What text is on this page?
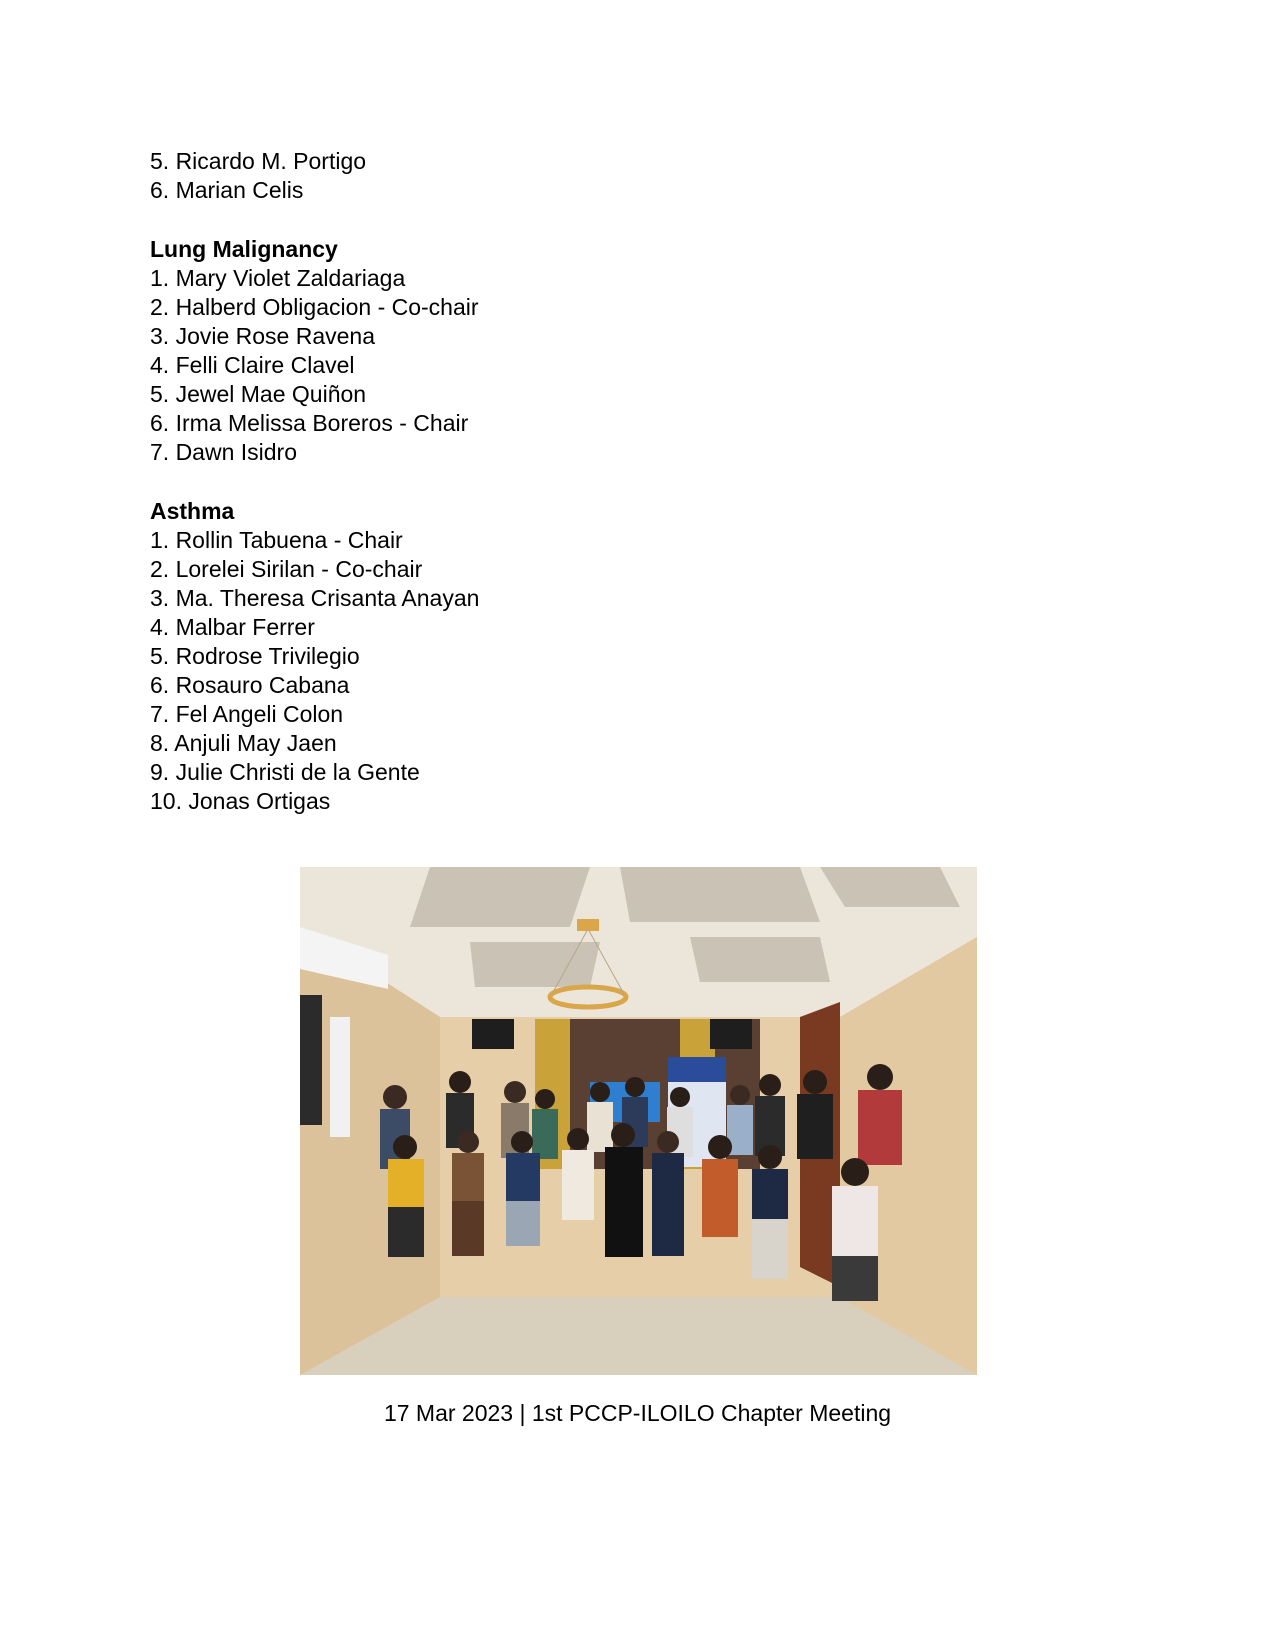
5. Ricardo M. Portigo
6. Marian Celis
Lung Malignancy
1. Mary Violet Zaldariaga
2. Halberd Obligacion - Co-chair
3. Jovie Rose Ravena
4. Felli Claire Clavel
5. Jewel Mae Quiñon
6. Irma Melissa Boreros - Chair
7. Dawn Isidro
Asthma
1. Rollin Tabuena - Chair
2. Lorelei Sirilan - Co-chair
3. Ma. Theresa Crisanta Anayan
4. Malbar Ferrer
5. Rodrose Trivilegio
6. Rosauro Cabana
7. Fel Angeli Colon
8. Anjuli May Jaen
9. Julie Christi de la Gente
10. Jonas Ortigas
17 Mar 2023 | 1st PCCP-ILOILO Chapter Meeting
